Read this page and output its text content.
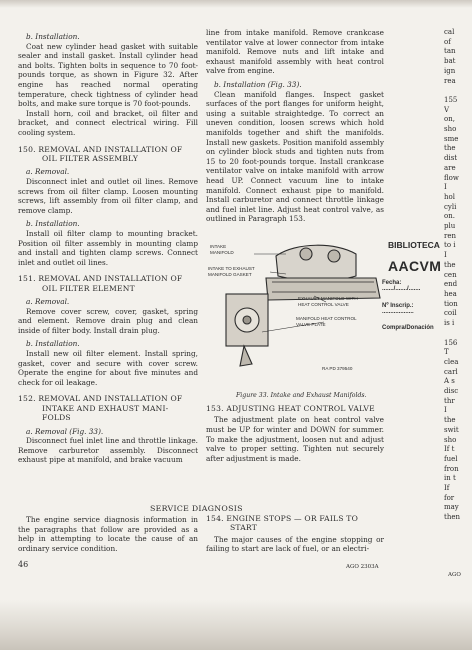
b. Installation.

Coat new cylinder head gasket with suitable sealer and install gasket. Install cylinder head and bolts. Tighten bolts in sequence to 70 foot-pounds torque, as shown in Figure 32. After engine has reached normal operating temperature, check tightness of cylinder head bolts, and make sure torque is 70 foot-pounds.

Install horn, coil and bracket, oil filter and bracket, and connect electrical wiring. Fill cooling system.

150. REMOVAL AND INSTALLATION OF
OIL FILTER ASSEMBLY
a. Removal.

Disconnect inlet and outlet oil lines. Remove screws from oil filter clamp. Loosen mounting screws, lift assembly from oil filter clamp, and remove clamp.

b. Installation.

Install oil filter clamp to mounting bracket. Position oil filter assembly in mounting clamp and install and tighten clamp screws. Connect inlet and outlet oil lines.

151. REMOVAL AND INSTALLATION OF
OIL FILTER ELEMENT
a. Removal.

Remove cover screw, cover, gasket, spring and element. Remove drain plug and clean inside of filter body. Install drain plug.

b. Installation.

Install new oil filter element. Install spring, gasket, cover and secure with cover screw. Operate the engine for about five minutes and check for oil leakage.

152. REMOVAL AND INSTALLATION OF
INTAKE AND EXHAUST MANI-
FOLDS
a. Removal (Fig. 33).

Disconnect fuel inlet line and throttle linkage. Remove carburetor assembly. Disconnect exhaust pipe at manifold, and brake vacuum

line from intake manifold. Remove crankcase ventilator valve at lower connector from intake manifold. Remove nuts and lift intake and exhaust manifold assembly with heat control valve from engine.

b. Installation (Fig. 33).

Clean manifold flanges. Inspect gasket surfaces of the port flanges for uniform height, using a suitable straightedge. To correct an uneven condition, loosen screws which hold manifolds together and shift the manifolds. Install new gaskets. Position manifold assembly on cylinder block studs and tighten nuts from 15 to 20 foot-pounds torque. Install crankcase ventilator valve on intake manifold with arrow head UP. Connect vacuum line to intake manifold. Connect exhaust pipe to manifold. Install carburetor and connect throttle linkage and fuel inlet line. Adjust heat control valve, as outlined in Paragraph 153.

INTAKE
MANIFOLD
INTAKE TO EXHAUST
MANIFOLD GASKET
EXHAUST MANIFOLD WITH
HEAT CONTROL VALVE
MANIFOLD HEAT CONTROL
VALVE PLATE
RA PD 379540
Figure 33. Intake and Exhaust Manifolds.
BIBLIOTECA
AACVM
Fecha: ......./......./.......
Nº Inscrip.: ...................
Compra/Donación
153. ADJUSTING HEAT CONTROL VALVE

The adjustment plate on heat control valve must be UP for winter and DOWN for summer. To make the adjustment, loosen nut and adjust valve to proper setting. Tighten nut securely after adjustment is made.

SERVICE DIAGNOSIS

The engine service diagnosis information in the paragraphs that follow are provided as a help in attempting to locate the cause of an ordinary service condition.

154. ENGINE STOPS — OR FAILS TO
START

The major causes of the engine stopping or failing to start are lack of fuel, or an electri-

cal
of
tan
bat
ign
rea

155
V
on,
sho
sme
the
dist
are
flow
I
hol
cyli
on.
plu
ren
to i
I
the
cen
end
hea
tion
coil
is i

156
T
clea
carl
A s
disc
thr
I
the
swit
sho
If t
fuel
fron
in t
If
for
may
then
46	AGO 2303A
AGO
